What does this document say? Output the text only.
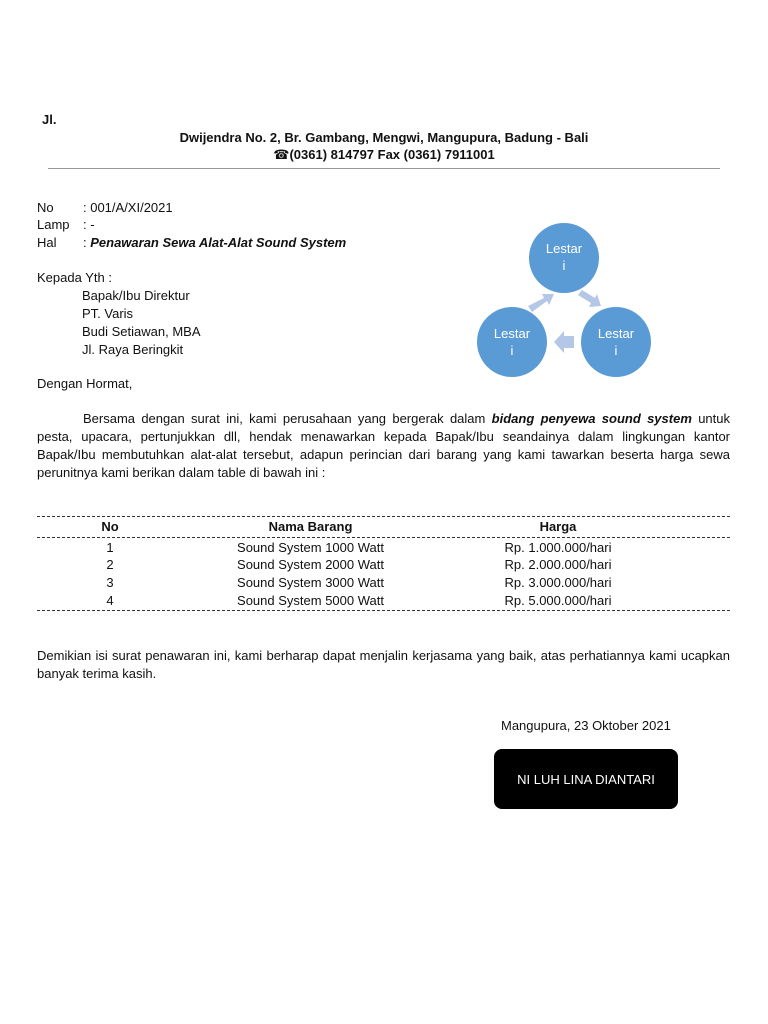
Jl.
Dwijendra No. 2, Br. Gambang, Mengwi, Mangupura, Badung - Bali
☎(0361) 814797 Fax (0361) 7911001
No	: 001/A/XI/2021
Lamp	: -
Hal	: Penawaran Sewa Alat-Alat Sound System
Kepada Yth :
Bapak/Ibu Direktur
PT. Varis
Budi Setiawan, MBA
Jl. Raya Beringkit
Lestar
i
Lestar
i
Lestar
i
Dengan Hormat,
Bersama dengan surat ini, kami perusahaan yang bergerak dalam bidang penyewa sound system untuk pesta, upacara, pertunjukkan dll, hendak menawarkan kepada Bapak/Ibu seandainya dalam lingkungan kantor Bapak/Ibu membutuhkan alat-alat tersebut, adapun perincian dari barang yang kami tawarkan beserta harga sewa perunitnya kami berikan dalam table di bawah ini :
No	Nama Barang	Harga
1	Sound System 1000 Watt	Rp. 1.000.000/hari
2	Sound System 2000 Watt	Rp. 2.000.000/hari
3	Sound System 3000 Watt	Rp. 3.000.000/hari
4	Sound System 5000 Watt	Rp. 5.000.000/hari
Demikian isi surat penawaran ini, kami berharap dapat menjalin kerjasama yang baik, atas perhatiannya kami ucapkan banyak terima kasih.
Mangupura, 23 Oktober 2021
NI LUH LINA DIANTARI
